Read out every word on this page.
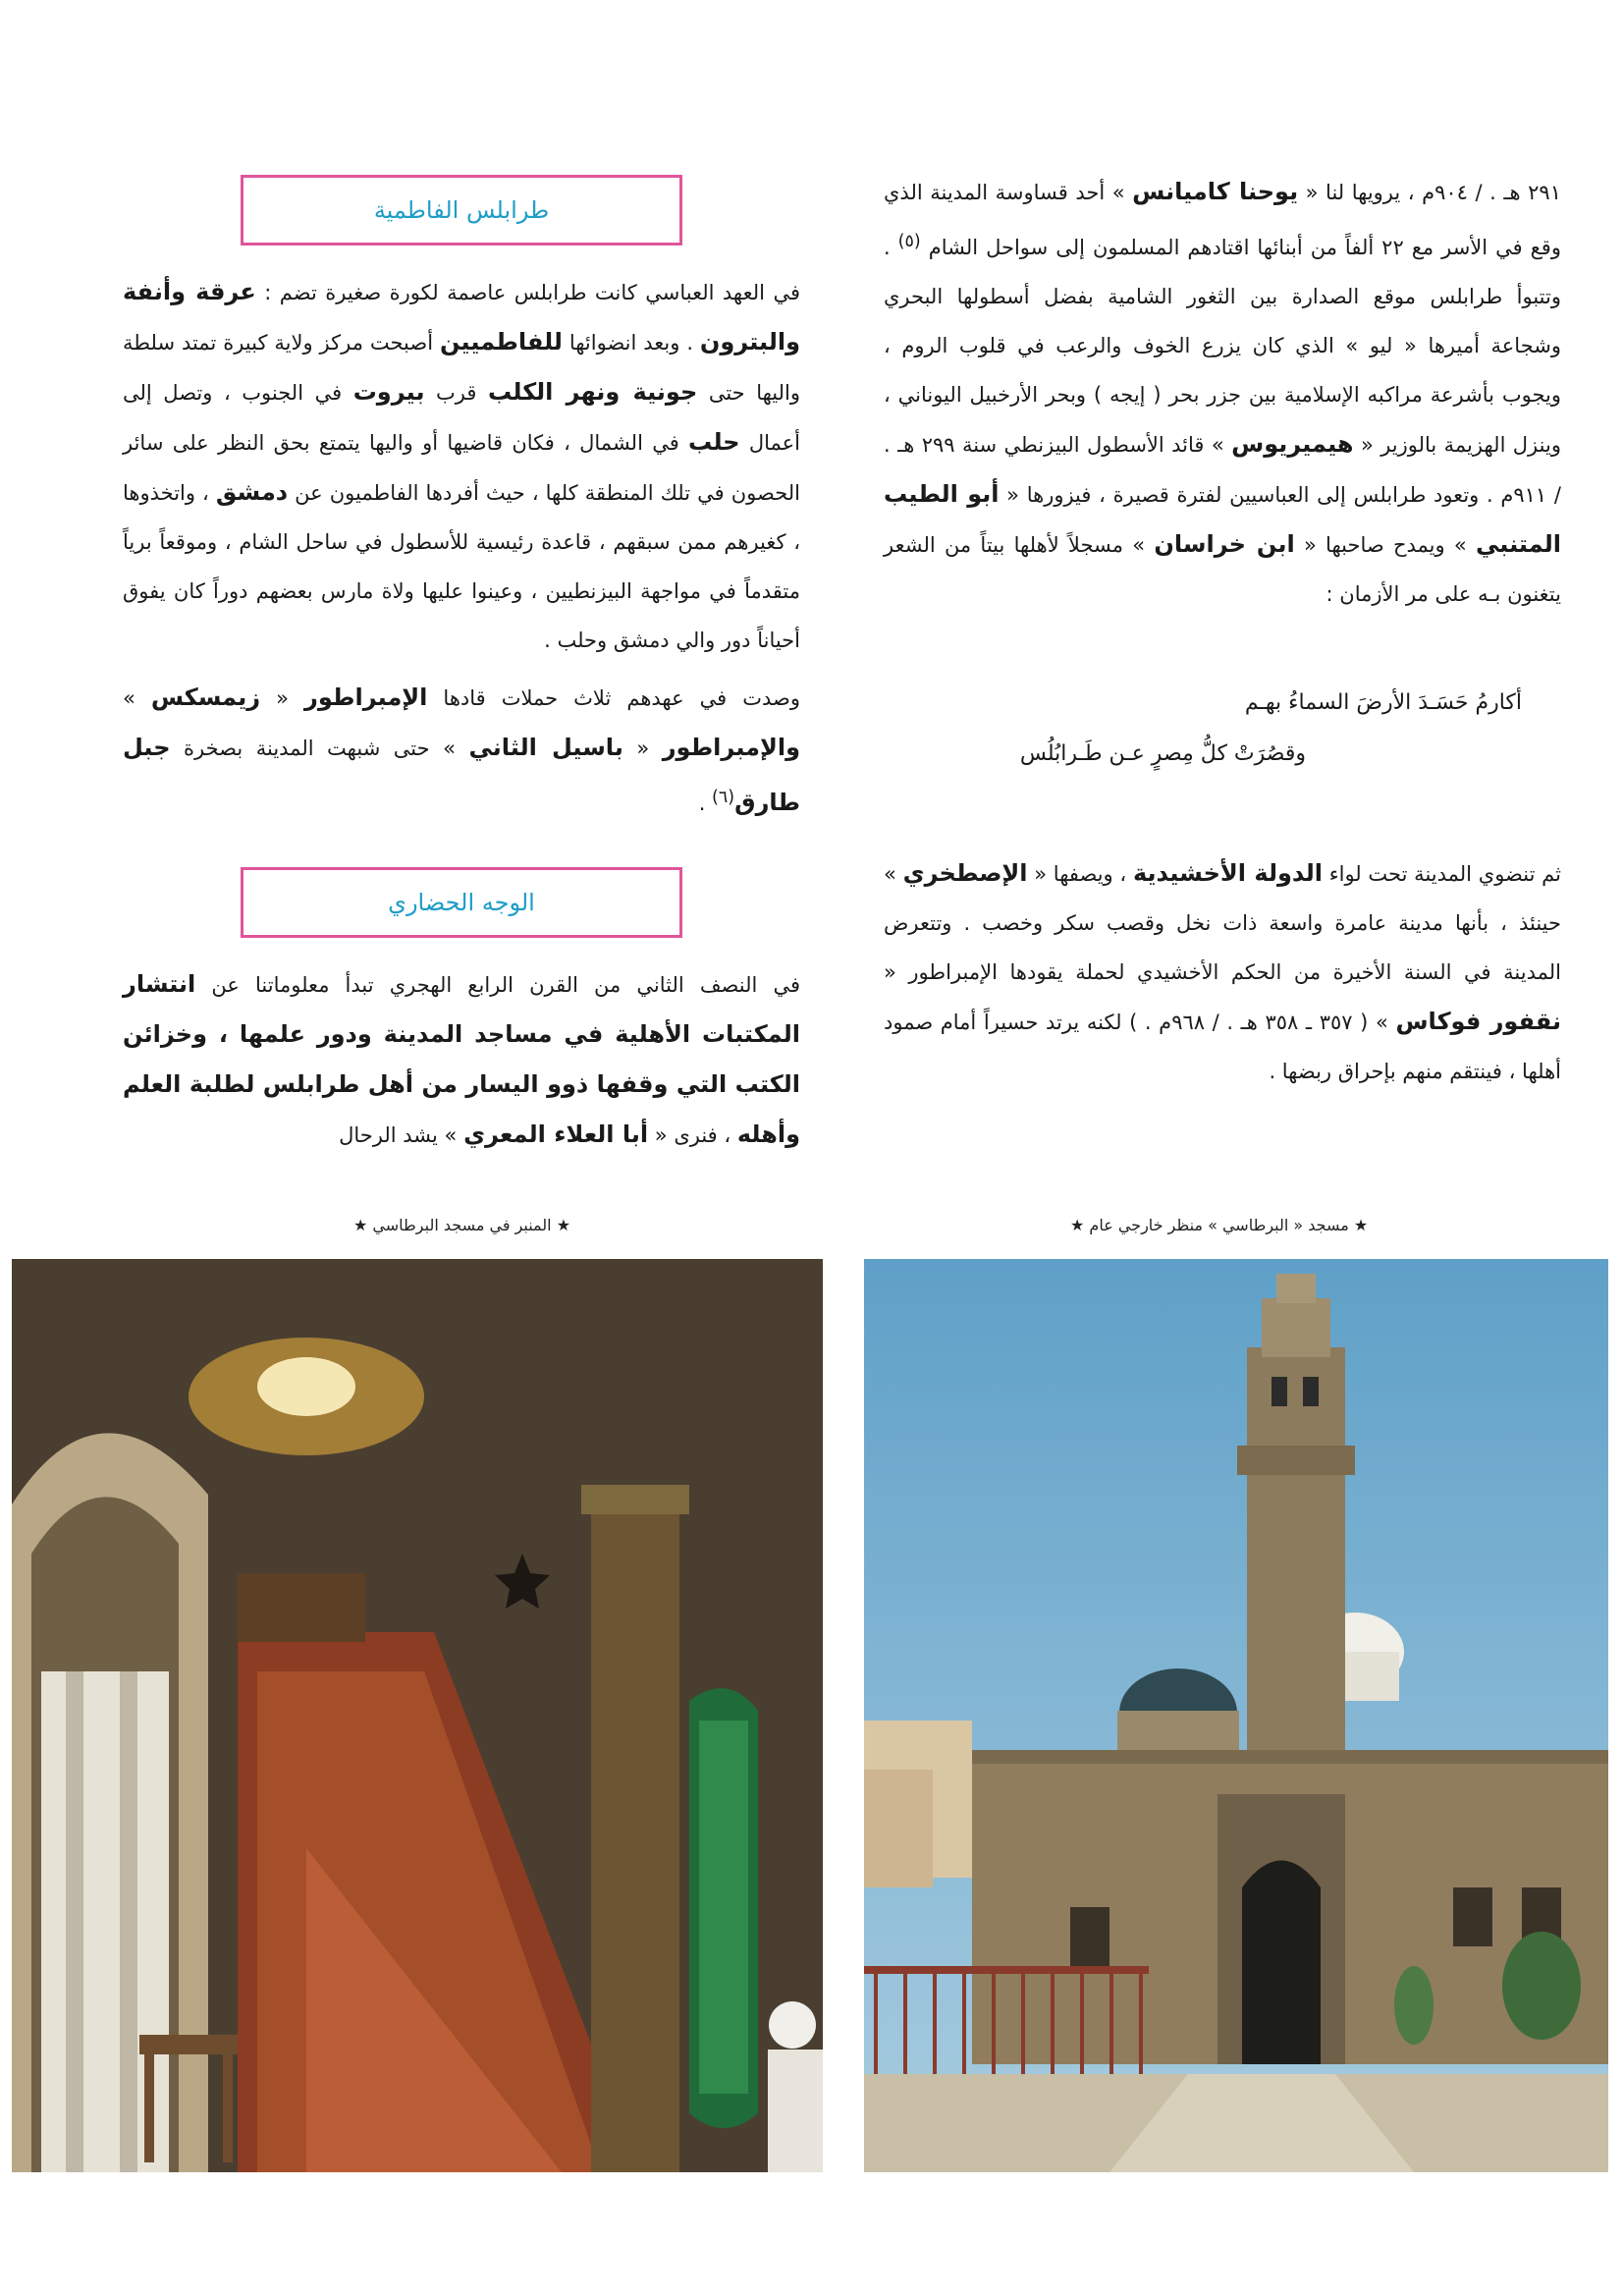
٢٩١ هـ . / ٩٠٤م ، يرويها لنا « يوحنا كاميانس » أحد قساوسة المدينة الذي وقع في الأسر مع ٢٢ ألفاً من أبنائها اقتادهم المسلمون إلى سواحل الشام $^{(٥)}$ . وتتبوأ طرابلس موقع الصدارة بين الثغور الشامية بفضل أسطولها البحري وشجاعة أميرها « ليو » الذي كان يزرع الخوف والرعب في قلوب الروم ، ويجوب بأشرعة مراكبه الإسلامية بين جزر بحر ( إيجه ) وبحر الأرخبيل اليوناني ، وينزل الهزيمة بالوزير « هيميريوس » قائد الأسطول البيزنطي سنة ٢٩٩ هـ . / ٩١١م . وتعود طرابلس إلى العباسيين لفترة قصيرة ، فيزورها « أبو الطيب المتنبي » ويمدح صاحبها « ابن خراسان » مسجلاً لأهلها بيتاً من الشعر يتغنون بـه على مر الأزمان :

أكارمُ حَسَـدَ الأرضَ السماءُ بهـم
وقصُرَتْ كلُّ مِصرٍ عـن طَـرابُلُس

ثم تنضوي المدينة تحت لواء الدولة الأخشيدية ، ويصفها « الإصطخري » حينئذ ، بأنها مدينة عامرة واسعة ذات نخل وقصب سكر وخصب . وتتعرض المدينة في السنة الأخيرة من الحكم الأخشيدي لحملة يقودها الإمبراطور « نقفور فوكاس » ( ٣٥٧ ـ ٣٥٨ هـ . / ٩٦٨م . ) لكنه يرتد حسيراً أمام صمود أهلها ، فينتقم منهم بإحراق ربضها .

طرابلس الفاطمية

في العهد العباسي كانت طرابلس عاصمة لكورة صغيرة تضم : عرقة وأنفة والبترون . وبعد انضوائها للفاطميين أصبحت مركز ولاية كبيرة تمتد سلطة واليها حتى جونية ونهر الكلب قرب بيروت في الجنوب ، وتصل إلى أعمال حلب في الشمال ، فكان قاضيها أو واليها يتمتع بحق النظر على سائر الحصون في تلك المنطقة كلها ، حيث أفردها الفاطميون عن دمشق ، واتخذوها ، كغيرهم ممن سبقهم ، قاعدة رئيسية للأسطول في ساحل الشام ، وموقعاً برياً متقدماً في مواجهة البيزنطيين ، وعينوا عليها ولاة مارس بعضهم دوراً كان يفوق أحياناً دور والي دمشق وحلب .

وصدت في عهدهم ثلاث حملات قادها الإمبراطور « زيمسكس » والإمبراطور « باسيل الثاني » حتى شبهت المدينة بصخرة جبل طارق$^{(٦)}$ .

الوجه الحضاري

في النصف الثاني من القرن الرابع الهجري تبدأ معلوماتنا عن انتشار المكتبات الأهلية في مساجد المدينة ودور علمها ، وخزائن الكتب التي وقفها ذوو اليسار من أهل طرابلس لطلبة العلم وأهله ، فنرى « أبا العلاء المعري » يشد الرحال

★ مسجد « البرطاسي » منظر خارجي عام ★
★ المنبر في مسجد البرطاسي ★
